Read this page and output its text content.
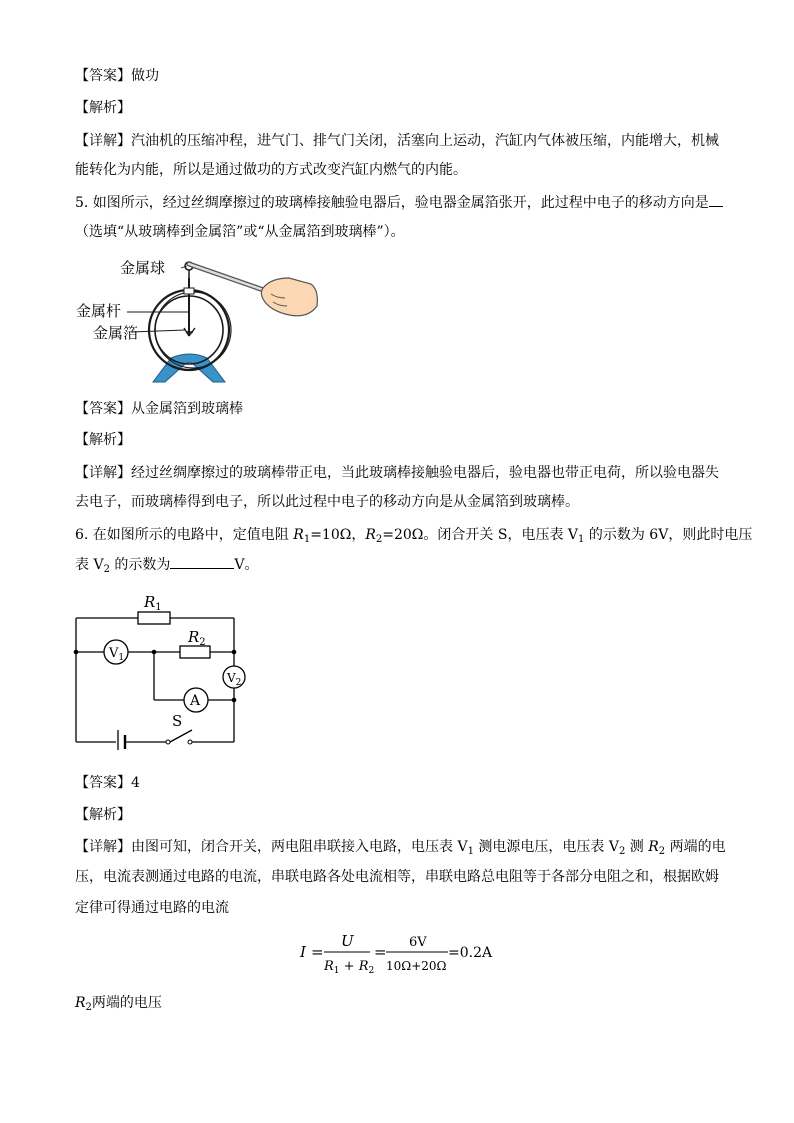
【答案】做功
【解析】
【详解】汽油机的压缩冲程，进气门、排气门关闭，活塞向上运动，汽缸内气体被压缩，内能增大，机械
能转化为内能，所以是通过做功的方式改变汽缸内燃气的内能。
5. 如图所示，经过丝绸摩擦过的玻璃棒接触验电器后，验电器金属箔张开，此过程中电子的移动方向是
（选填“从玻璃棒到金属箔”或“从金属箔到玻璃棒”）。
金属球
金属杆
金属箔
【答案】从金属箔到玻璃棒
【解析】
【详解】经过丝绸摩擦过的玻璃棒带正电，当此玻璃棒接触验电器后，验电器也带正电荷，所以验电器失
去电子，而玻璃棒得到电子，所以此过程中电子的移动方向是从金属箔到玻璃棒。
6. 在如图所示的电路中，定值电阻 $R_1=10\Omega$，$R_2=20\Omega$。闭合开关 S，电压表 $V_1$ 的示数为 6V，则此时电压
表 $V_2$ 的示数为	V。
$R_1$
$R_2$
$V_1$
$V_2$
A
S
【答案】4
【解析】
【详解】由图可知，闭合开关，两电阻串联接入电路，电压表 $V_1$ 测电源电压，电压表 $V_2$ 测 $R_2$ 两端的电
压，电流表测通过电路的电流，串联电路各处电流相等，串联电路总电阻等于各部分电阻之和，根据欧姆
定律可得通过电路的电流
I =
U
$R_1 + R_2$
=
6V
10Ω+20Ω
=0.2A
$R_2$两端的电压
